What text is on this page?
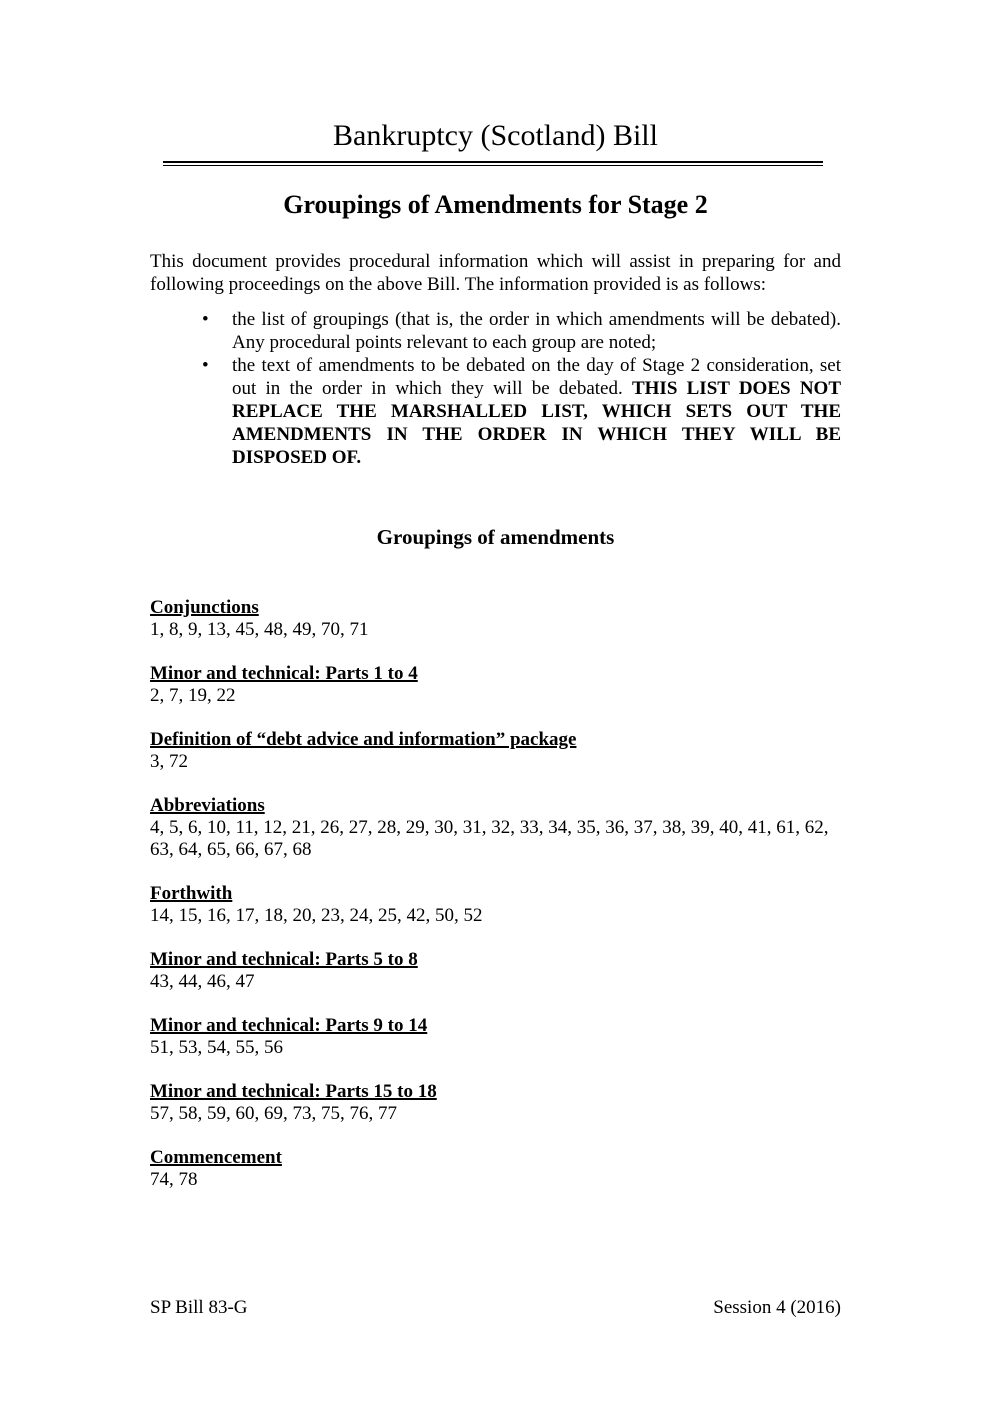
Bankruptcy (Scotland) Bill
Groupings of Amendments for Stage 2

This document provides procedural information which will assist in preparing for and following proceedings on the above Bill. The information provided is as follows:

• the list of groupings (that is, the order in which amendments will be debated). Any procedural points relevant to each group are noted;
• the text of amendments to be debated on the day of Stage 2 consideration, set out in the order in which they will be debated. THIS LIST DOES NOT REPLACE THE MARSHALLED LIST, WHICH SETS OUT THE AMENDMENTS IN THE ORDER IN WHICH THEY WILL BE DISPOSED OF.
Groupings of amendments
Conjunctions
1, 8, 9, 13, 45, 48, 49, 70, 71
Minor and technical: Parts 1 to 4
2, 7, 19, 22
Definition of “debt advice and information” package
3, 72
Abbreviations
4, 5, 6, 10, 11, 12, 21, 26, 27, 28, 29, 30, 31, 32, 33, 34, 35, 36, 37, 38, 39, 40, 41, 61, 62, 63, 64, 65, 66, 67, 68
Forthwith
14, 15, 16, 17, 18, 20, 23, 24, 25, 42, 50, 52
Minor and technical: Parts 5 to 8
43, 44, 46, 47
Minor and technical: Parts 9 to 14
51, 53, 54, 55, 56
Minor and technical: Parts 15 to 18
57, 58, 59, 60, 69, 73, 75, 76, 77
Commencement
74, 78
SP Bill 83-G	Session 4 (2016)
